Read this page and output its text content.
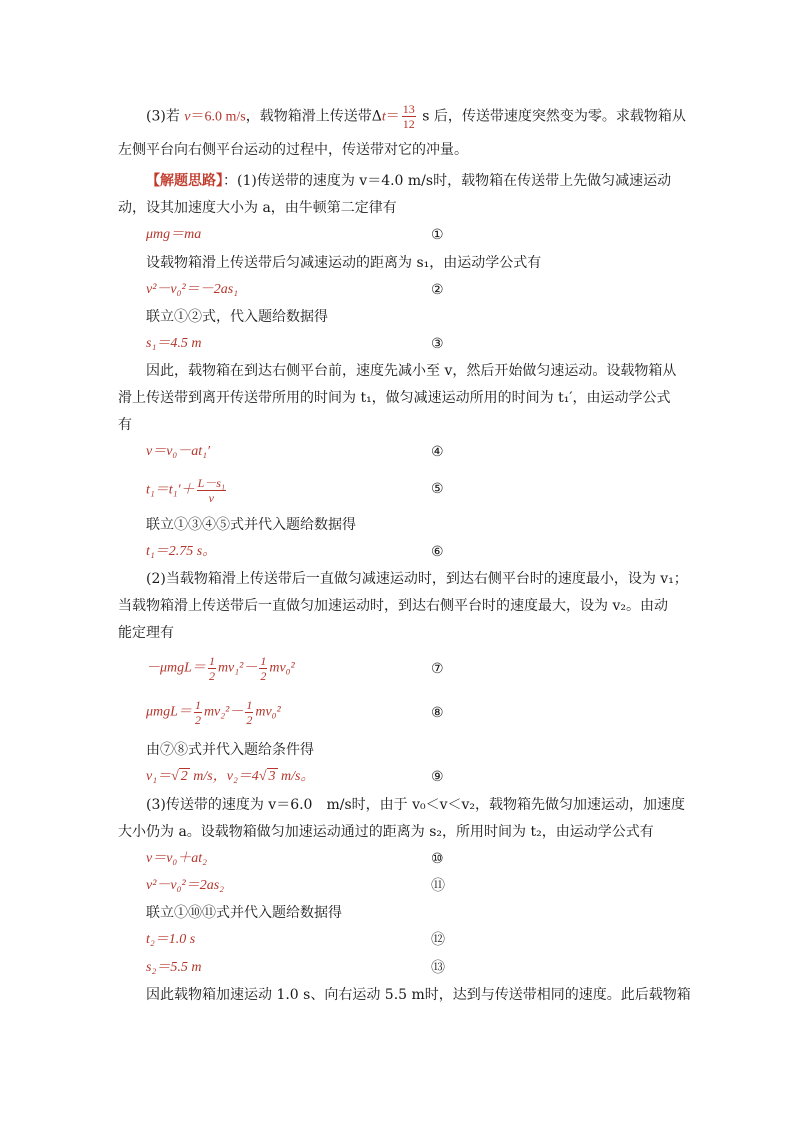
(3)若 v＝6.0 m/s，载物箱滑上传送带$\Delta t= \frac{13}{12}$ s 后，传送带速度突然变为零。求载物箱从
左侧平台向右侧平台运动的过程中，传送带对它的冲量。
【解题思路】：(1)传送带的速度为 v＝4.0 m/s时，载物箱在传送带上先做匀减速运动
动，设其加速度大小为 a，由牛顿第二定律有
μmg＝ma	①
设载物箱滑上传送带后匀减速运动的距离为 s₁，由运动学公式有
v²－v₀²＝－2as₁	②
联立①②式，代入题给数据得
s₁＝4.5 m	③
因此，载物箱在到达右侧平台前，速度先减小至 v，然后开始做匀速运动。设载物箱从
滑上传送带到离开传送带所用的时间为 t₁，做匀减速运动所用的时间为 t₁′，由运动学公式
有
v＝v₀－at₁′	④
$t_1=t_1'+ \frac{\text{L－s₁}}{v}$	⑤
联立①③④⑤式并代入题给数据得
t₁＝2.75 s。	⑥
(2)当载物箱滑上传送带后一直做匀减速运动时，到达右侧平台时的速度最小，设为 v₁；
当载物箱滑上传送带后一直做匀加速运动时，到达右侧平台时的速度最大，设为 v₂。由动
能定理有
$-\mu mgL= \frac{1}{2} mv_1^2- \frac{1}{2} mv_0^2$	⑦
$\mu mgL= \frac{1}{2} mv_2^2- \frac{1}{2} mv_0^2$	⑧
由⑦⑧式并代入题给条件得
v₁＝√ 2 m/s，v₂＝4√ 3 m/s。	⑨
(3)传送带的速度为 v＝6.0　m/s时，由于 v₀＜v＜v₂，载物箱先做匀加速运动，加速度
大小仍为 a。设载物箱做匀加速运动通过的距离为 s₂，所用时间为 t₂，由运动学公式有
v＝v₀＋at₂	⑩
v²－v₀²＝2as₂	⑪
联立①⑩⑪式并代入题给数据得
t₂＝1.0 s	⑫
s₂＝5.5 m	⑬
因此载物箱加速运动 1.0 s、向右运动 5.5 m时，达到与传送带相同的速度。此后载物箱
